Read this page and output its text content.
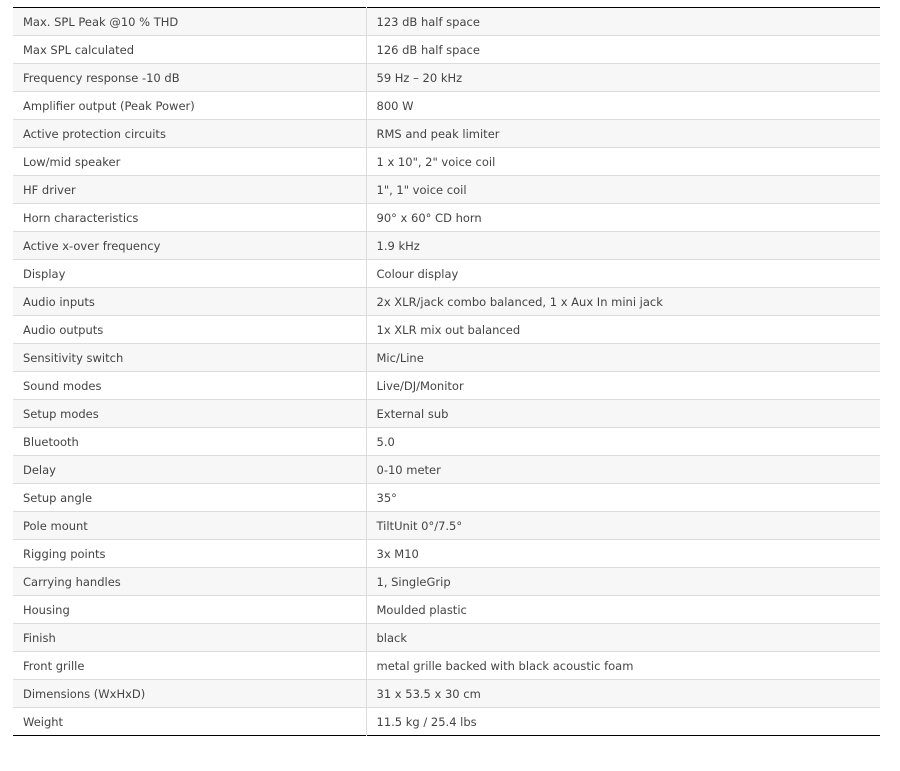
Max. SPL Peak @10 % THD	123 dB half space
Max SPL calculated	126 dB half space
Frequency response -10 dB	59 Hz – 20 kHz
Amplifier output (Peak Power)	800 W
Active protection circuits	RMS and peak limiter
Low/mid speaker	1 x 10", 2" voice coil
HF driver	1", 1" voice coil
Horn characteristics	90° x 60° CD horn
Active x-over frequency	1.9 kHz
Display	Colour display
Audio inputs	2x XLR/jack combo balanced, 1 x Aux In mini jack
Audio outputs	1x XLR mix out balanced
Sensitivity switch	Mic/Line
Sound modes	Live/DJ/Monitor
Setup modes	External sub
Bluetooth	5.0
Delay	0-10 meter
Setup angle	35°
Pole mount	TiltUnit 0°/7.5°
Rigging points	3x M10
Carrying handles	1, SingleGrip
Housing	Moulded plastic
Finish	black
Front grille	metal grille backed with black acoustic foam
Dimensions (WxHxD)	31 x 53.5 x 30 cm
Weight	11.5 kg / 25.4 lbs
